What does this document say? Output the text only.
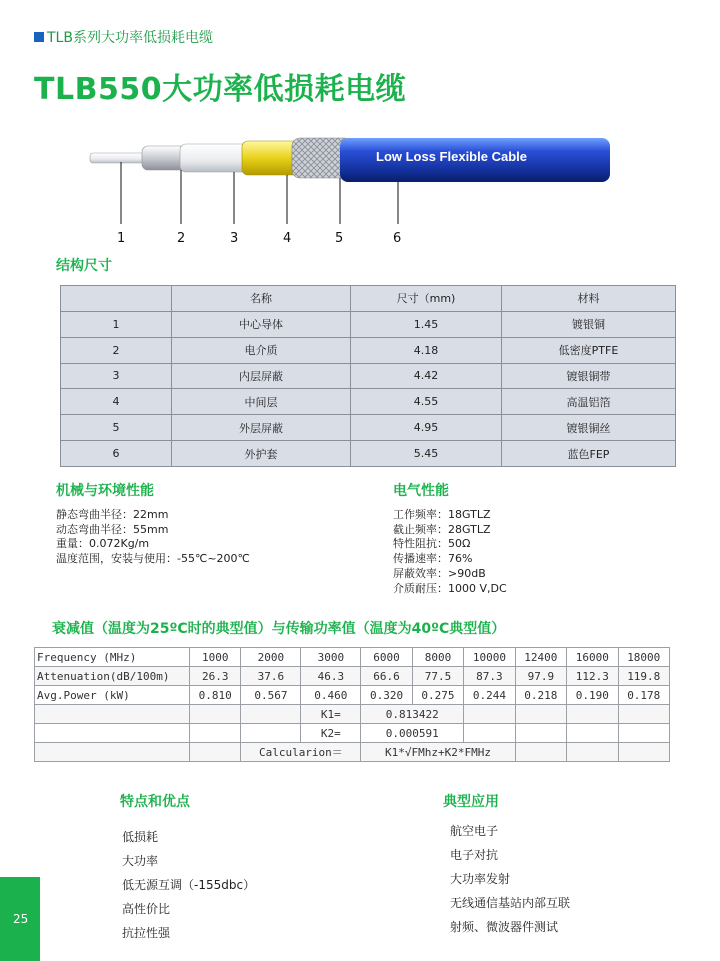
TLB系列大功率低损耗电缆
TLB550大功率低损耗电缆
Low Loss Flexible Cable
1	2	3	4	5	6
结构尺寸
	名称	尺寸（mm)	材料
1	中心导体	1.45	镀银铜
2	电介质	4.18	低密度PTFE
3	内层屏蔽	4.42	镀银铜带
4	中间层	4.55	高温铝箔
5	外层屏蔽	4.95	镀银铜丝
6	外护套	5.45	蓝色FEP
机械与环境性能
静态弯曲半径：22mm
动态弯曲半径：55mm
重量：0.072Kg/m
温度范围，安装与使用：-55℃~200℃
电气性能
工作频率：18GTLZ
截止频率：28GTLZ
特性阻抗：50Ω
传播速率：76%
屏蔽效率：>90dB
介质耐压：1000 V,DC
衰减值（温度为25ºC时的典型值）与传输功率值（温度为40ºC典型值）
Frequency (MHz)	1000	2000	3000	6000	8000	10000	12400	16000	18000
Attenuation(dB/100m)	26.3	37.6	46.3	66.6	77.5	87.3	97.9	112.3	119.8
Avg.Power (kW)	0.810	0.567	0.460	0.320	0.275	0.244	0.218	0.190	0.178
			K1=	0.813422					
			K2=	0.000591					
		Calcularion＝		K1*√FMhz+K2*FMHz					
特点和优点
低损耗
大功率
低无源互调（-155dbc）
高性价比
抗拉性强
典型应用
航空电子
电子对抗
大功率发射
无线通信基站内部互联
射频、微波器件测试
25
